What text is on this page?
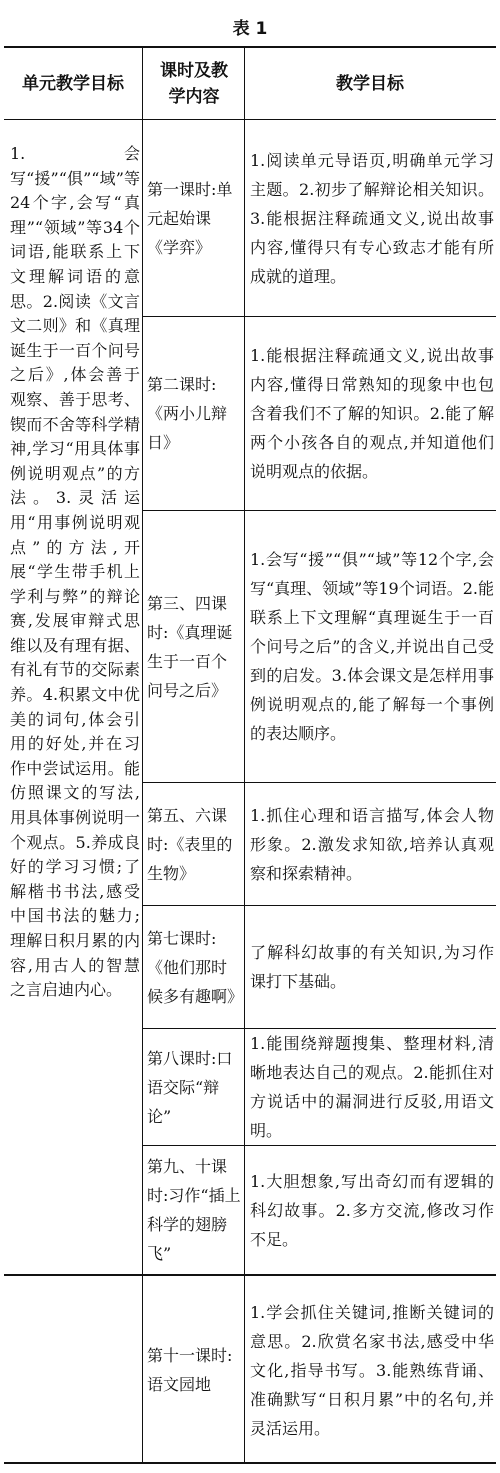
表 1
单元教学目标
课时及教学内容
教学目标
1.会写“援”“俱”“域”等24个字,会写“真理”“领域”等34个词语,能联系上下文理解词语的意思。2.阅读《文言文二则》和《真理诞生于一百个问号之后》,体会善于观察、善于思考、锲而不舍等科学精神,学习“用具体事例说明观点”的方法。3.灵活运用“用事例说明观点”的方法,开展“学生带手机上学利与弊”的辩论赛,发展审辩式思维以及有理有据、有礼有节的交际素养。4.积累文中优美的词句,体会引用的好处,并在习作中尝试运用。能仿照课文的写法,用具体事例说明一个观点。5.养成良好的学习习惯;了解楷书书法,感受中国书法的魅力;理解日积月累的内容,用古人的智慧之言启迪内心。
第一课时:单元起始课《学弈》
1.阅读单元导语页,明确单元学习主题。2.初步了解辩论相关知识。3.能根据注释疏通文义,说出故事内容,懂得只有专心致志才能有所成就的道理。
第二课时:《两小儿辩日》
1.能根据注释疏通文义,说出故事内容,懂得日常熟知的现象中也包含着我们不了解的知识。2.能了解两个小孩各自的观点,并知道他们说明观点的依据。
第三、四课时:《真理诞生于一百个问号之后》
1.会写“援”“俱”“域”等12个字,会写“真理、领域”等19个词语。2.能联系上下文理解“真理诞生于一百个问号之后”的含义,并说出自己受到的启发。3.体会课文是怎样用事例说明观点的,能了解每一个事例的表达顺序。
第五、六课时:《表里的生物》
1.抓住心理和语言描写,体会人物形象。2.激发求知欲,培养认真观察和探索精神。
第七课时:《他们那时候多有趣啊》
了解科幻故事的有关知识,为习作课打下基础。
第八课时:口语交际“辩论”
1.能围绕辩题搜集、整理材料,清晰地表达自己的观点。2.能抓住对方说话中的漏洞进行反驳,用语文明。
第九、十课时:习作“插上科学的翅膀飞”
1.大胆想象,写出奇幻而有逻辑的科幻故事。2.多方交流,修改习作不足。
第十一课时:语文园地
1.学会抓住关键词,推断关键词的意思。2.欣赏名家书法,感受中华文化,指导书写。3.能熟练背诵、准确默写“日积月累”中的名句,并灵活运用。
